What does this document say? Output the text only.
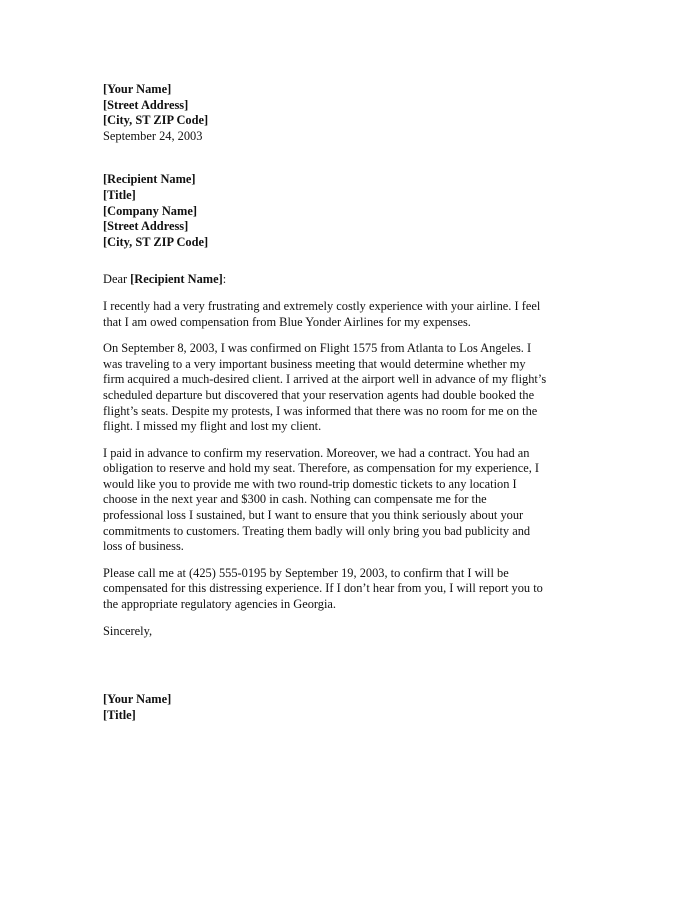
[Your Name]
[Street Address]
[City, ST ZIP Code]
September 24, 2003
[Recipient Name]
[Title]
[Company Name]
[Street Address]
[City, ST ZIP Code]
Dear [Recipient Name]:
I recently had a very frustrating and extremely costly experience with your airline. I feel
that I am owed compensation from Blue Yonder Airlines for my expenses.
On September 8, 2003, I was confirmed on Flight 1575 from Atlanta to Los Angeles. I
was traveling to a very important business meeting that would determine whether my
firm acquired a much-desired client. I arrived at the airport well in advance of my flight’s
scheduled departure but discovered that your reservation agents had double booked the
flight’s seats. Despite my protests, I was informed that there was no room for me on the
flight. I missed my flight and lost my client.
I paid in advance to confirm my reservation. Moreover, we had a contract. You had an
obligation to reserve and hold my seat. Therefore, as compensation for my experience, I
would like you to provide me with two round-trip domestic tickets to any location I
choose in the next year and $300 in cash. Nothing can compensate me for the
professional loss I sustained, but I want to ensure that you think seriously about your
commitments to customers. Treating them badly will only bring you bad publicity and
loss of business.
Please call me at (425) 555-0195 by September 19, 2003, to confirm that I will be
compensated for this distressing experience. If I don’t hear from you, I will report you to
the appropriate regulatory agencies in Georgia.
Sincerely,
[Your Name]
[Title]
